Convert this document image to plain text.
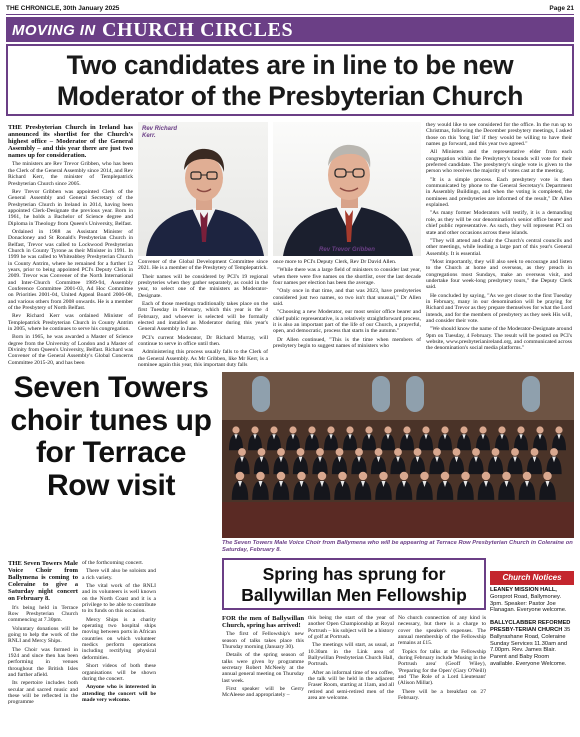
THE CHRONICLE, 30th January 2025	Page 21
MOVING IN CHURCH CIRCLES
Two candidates are in line to be new Moderator of the Presbyterian Church

THE Presbyterian Church in Ireland has announced its shortlist for the Church's highest office – Moderator of the General Assembly – and this year there are just two names up for consideration.

The ministers are Rev Trevor Gribben, who has been the Clerk of the General Assembly since 2014, and Rev Richard Kerr, the minister of Templepatrick Presbyterian Church since 2005.

Rev Trevor Gribben was appointed Clerk of the General Assembly and General Secretary of the Presbyterian Church in Ireland in 2014, having been appointed Clerk-Designate the previous year. Born in 1961, he holds a Bachelor of Science degree and Diploma in Theology from Queen's University, Belfast.

Ordained in 1988 as Assistant Minister of Donacloney and St Ronald's Presbyterian Church in Belfast, Trevor was called to Lockwood Presbyterian Church in County Tyrone as their Minister in 1991. In 1999 he was called to Whiteabbey Presbyterian Church in County Antrim, where he remained for a further 12 years, prior to being appointed PCI's Deputy Clerk in 2009. Trevor was Convener of the North International and Inter-Church Committee 1989-94, Assembly Conference Committee 2001-03, Ad Hoc Committee on Priorities 2001-04, United Appeal Board 2006-08, and various others from 2008 onwards. He is a member of the Presbytery of North Belfast.

Rev Richard Kerr was ordained Minister of Templepatrick Presbyterian Church in County Antrim in 2005, where he continues to serve his congregation.

Born in 1965, he was awarded a Master of Science degree from the University of London and a Master of Divinity from Queen's University, Belfast. Richard was Convener of the General Assembly's Global Concerns Committee 2015-20, and has been

Rev Richard Kerr.
Rev Trevor Gribben

Convener of the Global Development Committee since 2021. He is a member of the Presbytery of Templepatrick.

Their names will be considered by PCI's 19 regional presbyteries when they gather separately, as could in the year, to select one of the ministers as Moderator-Designate.

Each of those meetings traditionally takes place on the first Tuesday in February, which this year is the 4 February, and whoever is selected will be formally elected and installed as Moderator during this year's General Assembly in June.

PCI's current Moderator, Dr Richard Murray, will continue to serve in office until then.

Administering this process usually falls to the Clerk of the General Assembly. As Mr Gribben, like Mr Kerr, is a nominee again this year, this important duty falls

once more to PCI's Deputy Clerk, Rev Dr David Allen.

"While there was a large field of ministers to consider last year, when there were five names on the shortlist, over the last decade four names per election has been the average.

"Only once in that time, and that was 2023, have presbyteries considered just two names, so two isn't that unusual," Dr Allen said.

"Choosing a new Moderator, our most senior office bearer and chief public representative, is a relatively straightforward process, it is also an important part of the life of our Church, a prayerful, open, and democratic, process that starts in the autumn."

Dr Allen continued, "This is the time when members of presbytery begin to suggest names of ministers who

they would like to see considered for the office. In the run up to Christmas, following the December presbytery meetings, I asked those on this 'long list' if they would be willing to have their names go forward, and this year two agreed."

All Ministers and the representative elder from each congregation within the Presbytery's bounds will vote for their preferred candidate. The presbytery's single vote is given to the person who receives the majority of votes cast at the meeting.

"It is a simple process. Each presbytery vote is then communicated by phone to the General Secretary's Department in Assembly Buildings, and when the voting is completed, the nominees and presbyteries are informed of the result," Dr Allen explained.

"As many former Moderators will testify, it is a demanding role, as they will be our denomination's senior office bearer and chief public representative. As such, they will represent PCI on state and other occasions across these islands.

"They will attend and chair the Church's central councils and other meetings, while leading a large part of this year's General Assembly. It is essential.

"Most importantly, they will also seek to encourage and listen to the Church at home and overseas, as they preach in congregations most Sundays, make an overseas visit, and undertake four week-long presbytery tours," the Deputy Clerk said.

He concluded by saying, "As we get closer to the first Tuesday in February, many in our denomination will be praying for Richard and Trevor as they prepare themselves for what the Lord intends, and for the members of presbytery as they seek His will, and consider their vote.

"We should know the name of the Moderator-Designate around 9pm on Tuesday, 4 February. The result will be posted on PCI's website, www.presbyterianireland.org, and communicated across the denomination's social media platforms."

Seven Towers choir tunes up for Terrace Row visit
The Seven Towers Male Voice Choir from Ballymena who will be appearing at Terrace Row Presbyterian Church in Coleraine on Saturday, February 8.

THE Seven Towers Male Voice Choir from Ballymena is coming to Coleraine to give a Saturday night concert on February 8.

It's being held in Terrace Row Presbyterian Church commencing at 7.30pm.

Voluntary donations will be going to help the work of the RNLI and Mercy Ships.

The Choir was formed in 1924 and since then has been performing in venues throughout the British Isles and further afield.

Its repertoire includes both secular and sacred music and these will be reflected in the programme

of the forthcoming concert.

There will also be soloists and a rich variety.

The vital work of the RNLI and its volunteers is well known on the North Coast and it is a privilege to be able to contribute to its funds on this occasion.

Mercy Ships is a charity operating two hospital ships moving between ports in African countries on which volunteer medics perform operations including rectifying physical deformities.

Short videos of both these organisations will be shown during the concert.

Anyone who is interested in attending the concert will be made very welcome.

Spring has sprung for Ballywillan Men Fellowship

FOR the men of Ballywillan Church, spring has arrived!

The first of Fellowship's new season of talks takes place this Thursday morning (January 30).

Details of the spring season of talks were given by programme secretary Robert McNeely at the annual general meeting on Thursday last week.

First speaker will be Gerry McAleese and appropriately –

this being the start of the year of another Open Championship at Royal Portrush – his subject will be a history of golf at Portrush.

The meetings will start, as usual, at 10.30am in the Link area of Ballywillan Presbyterian Church Hall, Portrush.

After an informal time of tea coffee, the talk will be held in the adjacent Fraser Room, starting at 11am, and all retired and semi-retired men of the area are welcome.

No church connection of any kind is necessary, but there is a charge to cover the speaker's expenses. The annual membership of the Fellowship remains at £15.

Topics for talks at the Fellowship during February include 'Musing in the Portrush area' (Geoff Wiley), 'Preparing for the Open' (Gary O'Neill) and 'The Role of a Lord Lieutenant' (Alison Millar).

There will be a breakfast on 27 February.

Church Notices

LEANEY MISSION HALL, Gorsprot Road, Ballymoney. 3pm. Speaker: Pastor Joe Flanagan. Everyone welcome.

BALLYCLABBER REFORMED PRESBY-TERIAN CHURCH 35 Ballyrashane Road, Coleraine Sunday Services 11.30am and 7.00pm. Rev. James Blair. Parent and Baby Room available. Everyone Welcome.
